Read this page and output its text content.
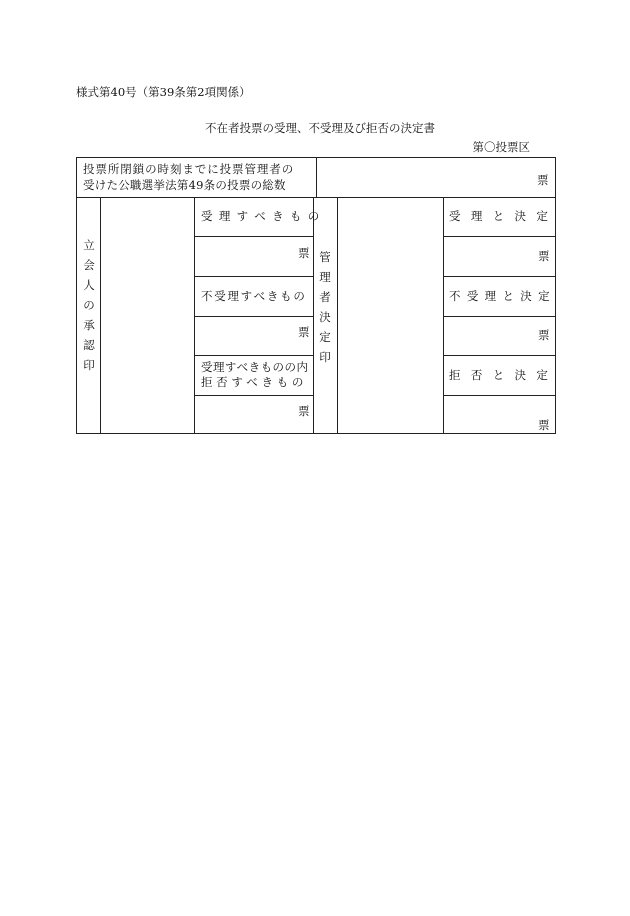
様式第40号（第39条第2項関係）
不在者投票の受理、不受理及び拒否の決定書
第〇投票区
投票所閉鎖の時刻までに投票管理者の
受けた公職選挙法第49条の投票の総数	票
立会人の承認印
管理者決定印
受理すべきもの
票
受理と決定
票
不受理すべきもの
票
不受理と決定
票
受理すべきものの内
拒否すべきもの
票
拒否と決定
票
